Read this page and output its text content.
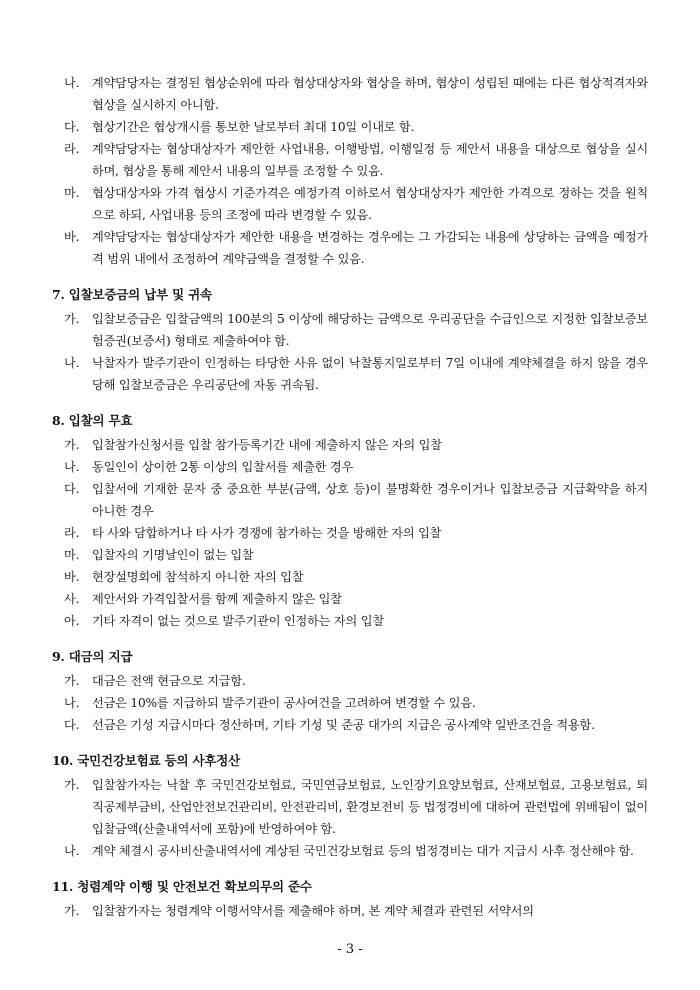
나. 계약담당자는 결정된 협상순위에 따라 협상대상자와 협상을 하며, 협상이 성립된 때에는 다른 협상적격자와 협상을 실시하지 아니함.

다. 협상기간은 협상개시를 통보한 날로부터 최대 10일 이내로 함.

라. 계약담당자는 협상대상자가 제안한 사업내용, 이행방법, 이행일정 등 제안서 내용을 대상으로 협상을 실시하며, 협상을 통해 제안서 내용의 일부를 조정할 수 있음.

마. 협상대상자와 가격 협상시 기준가격은 예정가격 이하로서 협상대상자가 제안한 가격으로 정하는 것을 원칙으로 하되, 사업내용 등의 조정에 따라 변경할 수 있음.

바. 계약담당자는 협상대상자가 제안한 내용을 변경하는 경우에는 그 가감되는 내용에 상당하는 금액을 예정가격 범위 내에서 조정하여 계약금액을 결정할 수 있음.

7. 입찰보증금의 납부 및 귀속

가. 입찰보증금은 입찰금액의 100분의 5 이상에 해당하는 금액으로 우리공단을 수급인으로 지정한 입찰보증보험증권(보증서) 형태로 제출하여야 함.

나. 낙찰자가 발주기관이 인정하는 타당한 사유 없이 낙찰통지일로부터 7일 이내에 계약체결을 하지 않을 경우 당해 입찰보증금은 우리공단에 자동 귀속됨.

8. 입찰의 무효

가. 입찰참가신청서를 입찰 참가등록기간 내에 제출하지 않은 자의 입찰

나. 동일인이 상이한 2통 이상의 입찰서를 제출한 경우

다. 입찰서에 기재한 문자 중 중요한 부분(금액, 상호 등)이 불명확한 경우이거나 입찰보증금 지급확약을 하지 아니한 경우

라. 타 사와 담합하거나 타 사가 경쟁에 참가하는 것을 방해한 자의 입찰

마. 입찰자의 기명날인이 없는 입찰

바. 현장설명회에 참석하지 아니한 자의 입찰

사. 제안서와 가격입찰서를 함께 제출하지 않은 입찰

아. 기타 자격이 없는 것으로 발주기관이 인정하는 자의 입찰

9. 대금의 지급

가. 대금은 전액 현금으로 지급함.

나. 선금은 10%를 지급하되 발주기관이 공사여건을 고려하여 변경할 수 있음.

다. 선금은 기성 지급시마다 정산하며, 기타 기성 및 준공 대가의 지급은 공사계약 일반조건을 적용함.

10. 국민건강보험료 등의 사후정산

가. 입찰참가자는 낙찰 후 국민건강보험료, 국민연금보험료, 노인장기요양보험료, 산재보험료, 고용보험료, 퇴직공제부금비, 산업안전보건관리비, 안전관리비, 환경보전비 등 법정경비에 대하여 관련법에 위배됨이 없이 입찰금액(산출내역서에 포함)에 반영하여야 함.

나. 계약 체결시 공사비산출내역서에 계상된 국민건강보험료 등의 법정경비는 대가 지급시 사후 정산해야 함.

11. 청렴계약 이행 및 안전보건 확보의무의 준수

가. 입찰참가자는 청렴계약 이행서약서를 제출해야 하며, 본 계약 체결과 관련된 서약서의

- 3 -
